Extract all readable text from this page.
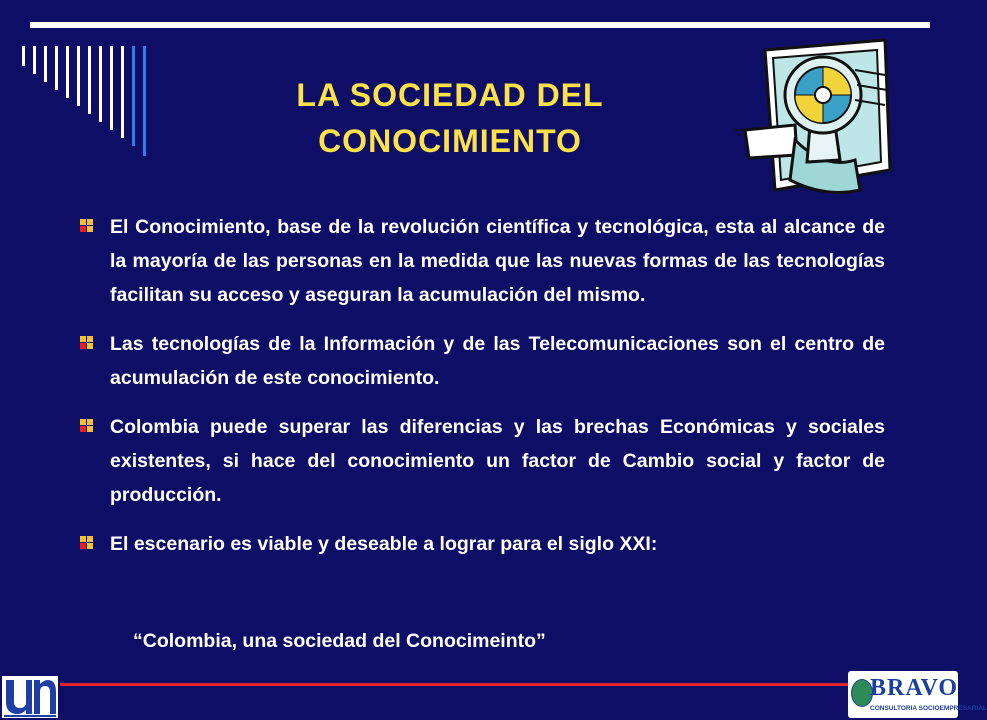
LA SOCIEDAD DEL
CONOCIMIENTO
El Conocimiento, base de la revolución científica y tecnológica, esta al alcance de la mayoría de las personas en la medida que las nuevas formas de las tecnologías facilitan su acceso y aseguran la acumulación del mismo.
Las tecnologías de la Información y de las Telecomunicaciones son el centro de acumulación de este conocimiento.
Colombia puede superar las diferencias y las brechas Económicas y sociales existentes, si hace del conocimiento un factor de Cambio social y factor de producción.
El escenario es viable y deseable a lograr para el siglo XXI:
“Colombia, una sociedad del Conocimeinto”
BRAVO
CONSULTORIA SOCIOEMPRESARIAL
